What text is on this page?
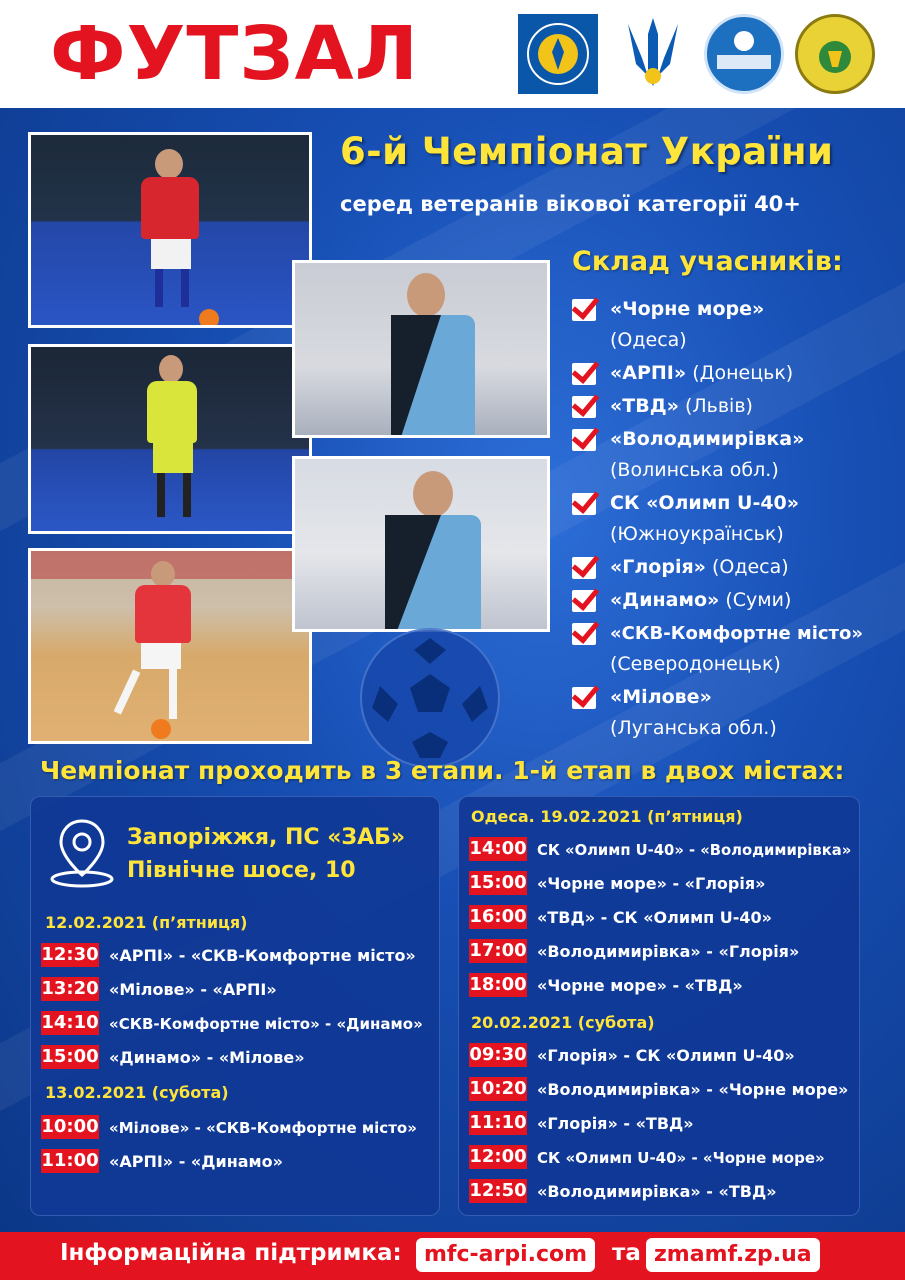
ФУТЗАЛ
6-й Чемпіонат України
серед ветеранів вікової категорії 40+
Склад учасників:
«Чорне море»
(Одеса)
«АРПІ» (Донецьк)
«ТВД» (Львів)
«Володимирівка»
(Волинська обл.)
СК «Олимп U-40»
(Южноукраїнськ)
«Глорія» (Одеса)
«Динамо» (Суми)
«СКВ-Комфортне місто»
(Северодонецьк)
«Мілове»
(Луганська обл.)
Чемпіонат проходить в 3 етапи. 1-й етап в двох містах:
Запоріжжя, ПС «ЗАБ»
Північне шосе, 10
12.02.2021 (п’ятниця)
12:30 «АРПІ» - «СКВ-Комфортне місто»
13:20 «Мілове» - «АРПІ»
14:10 «СКВ-Комфортне місто» - «Динамо»
15:00 «Динамо» - «Мілове»
13.02.2021 (субота)
10:00 «Мілове» - «СКВ-Комфортне місто»
11:00 «АРПІ» - «Динамо»
Одеса. 19.02.2021 (п’ятниця)
14:00 СК «Олимп U-40» - «Володимирівка»
15:00 «Чорне море» - «Глорія»
16:00 «ТВД» - СК «Олимп U-40»
17:00 «Володимирівка» - «Глорія»
18:00 «Чорне море» - «ТВД»
20.02.2021 (субота)
09:30 «Глорія» - СК «Олимп U-40»
10:20 «Володимирівка» - «Чорне море»
11:10 «Глорія» - «ТВД»
12:00 СК «Олимп U-40» - «Чорне море»
12:50 «Володимирівка» - «ТВД»
Інформаційна підтримка:	mfc-arpi.com	та zmamf.zp.ua
